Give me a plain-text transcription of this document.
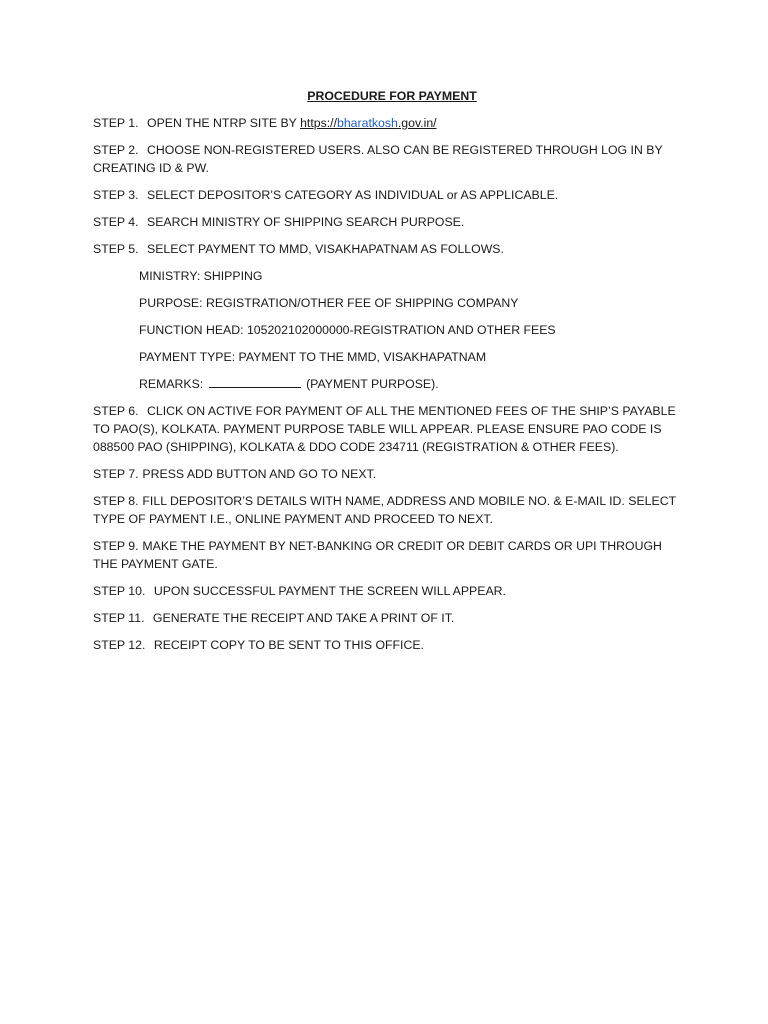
PROCEDURE FOR PAYMENT
STEP 1. OPEN THE NTRP SITE BY https://bharatkosh.gov.in/
STEP 2. CHOOSE NON-REGISTERED USERS. ALSO CAN BE REGISTERED THROUGH LOG IN BY CREATING ID & PW.
STEP 3. SELECT DEPOSITOR’S CATEGORY AS INDIVIDUAL or AS APPLICABLE.
STEP 4. SEARCH MINISTRY OF SHIPPING SEARCH PURPOSE.
STEP 5. SELECT PAYMENT TO MMD, VISAKHAPATNAM AS FOLLOWS.
MINISTRY: SHIPPING
PURPOSE: REGISTRATION/OTHER FEE OF SHIPPING COMPANY
FUNCTION HEAD: 105202102000000-REGISTRATION AND OTHER FEES
PAYMENT TYPE: PAYMENT TO THE MMD, VISAKHAPATNAM
REMARKS:	(PAYMENT PURPOSE).
STEP 6. CLICK ON ACTIVE FOR PAYMENT OF ALL THE MENTIONED FEES OF THE SHIP’S PAYABLE TO PAO(S), KOLKATA. PAYMENT PURPOSE TABLE WILL APPEAR. PLEASE ENSURE PAO CODE IS 088500 PAO (SHIPPING), KOLKATA & DDO CODE 234711 (REGISTRATION & OTHER FEES).
STEP 7. PRESS ADD BUTTON AND GO TO NEXT.
STEP 8. FILL DEPOSITOR’S DETAILS WITH NAME, ADDRESS AND MOBILE NO. & E-MAIL ID. SELECT TYPE OF PAYMENT I.E., ONLINE PAYMENT AND PROCEED TO NEXT.
STEP 9. MAKE THE PAYMENT BY NET-BANKING OR CREDIT OR DEBIT CARDS OR UPI THROUGH THE PAYMENT GATE.
STEP 10. UPON SUCCESSFUL PAYMENT THE SCREEN WILL APPEAR.
STEP 11. GENERATE THE RECEIPT AND TAKE A PRINT OF IT.
STEP 12. RECEIPT COPY TO BE SENT TO THIS OFFICE.
